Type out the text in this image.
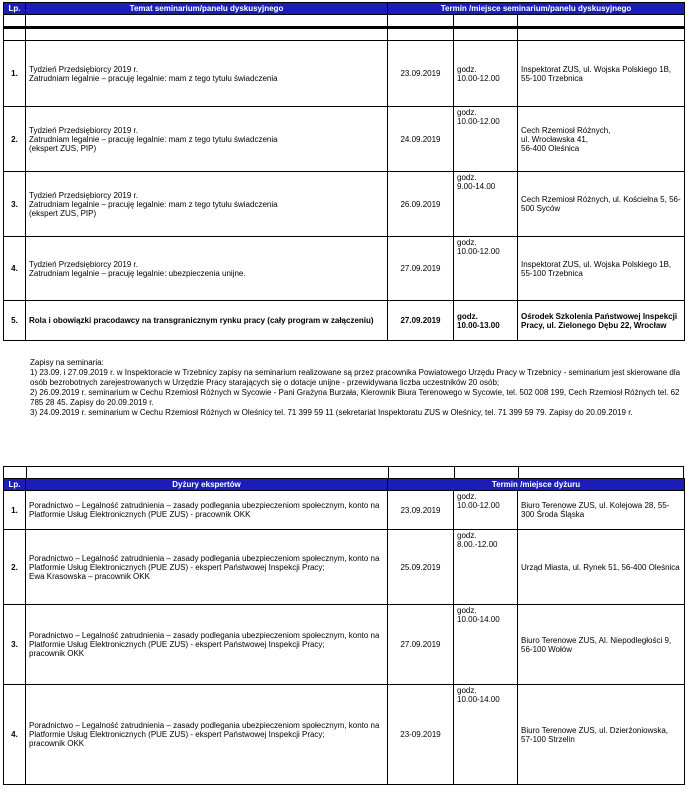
Lp.	Temat seminarium/panelu dyskusyjnego	Termin /miejsce seminarium/panelu dyskusyjnego		

1.	Tydzień Przedsiębiorcy 2019 r.
Zatrudniam legalnie – pracuję legalnie: mam z tego tytułu świadczenia	23.09.2019	godz.
10.00-12.00	Inspektorat ZUS, ul. Wojska Polskiego 1B, 55-100 Trzebnica
2.	Tydzień Przedsiębiorcy 2019 r.
Zatrudniam legalnie – pracuję legalnie: mam z tego tytułu świadczenia
(ekspert ZUS, PIP)	24.09.2019	godz.
10.00-12.00	Cech Rzemiosł Różnych,
ul. Wrocławska 41,
56-400 Oleśnica
3.	Tydzień Przedsiębiorcy 2019 r.
Zatrudniam legalnie – pracuję legalnie: mam z tego tytułu świadczenia
(ekspert ZUS, PIP)	26.09.2019	godz.
9.00-14.00	Cech Rzemiosł Różnych, ul. Kościelna 5, 56-500 Syców
4.	Tydzień Przedsiębiorcy 2019 r.
Zatrudniam legalnie – pracuję legalnie: ubezpieczenia unijne.	27.09.2019	godz.
10.00-12.00	Inspektorat ZUS, ul. Wojska Polskiego 1B, 55-100 Trzebnica
5.	Rola i obowiązki pracodawcy na transgranicznym rynku pracy (cały program w załączeniu)	27.09.2019	godz.
10.00-13.00	Ośrodek Szkolenia Państwowej Inspekcji Pracy, ul. Zielonego Dębu 22, Wrocław
Zapisy na seminaria:
1) 23.09. i 27.09.2019 r. w Inspektoracie w Trzebnicy zapisy na seminarium realizowane są przez pracownika Powiatowego Urzędu Pracy w Trzebnicy - seminarium jest skierowane dla osób bezrobotnych zarejestrowanych w Urzędzie Pracy starających się o dotacje unijne - przewidywana liczba uczestników 20 osób;
2) 26.09.2019 r. seminarium w Cechu Rzemiosł Różnych w Sycowie - Pani Grażyna Burzała, Kierownik Biura Terenowego w Sycowie, tel. 502 008 199, Cech Rzemiosł Różnych tel. 62 785 28 45. Zapisy do 20.09.2019 r.
3) 24.09.2019 r. seminarium w Cechu Rzemiosł Różnych w Oleśnicy tel. 71 399 59 11 (sekretariat Inspektoratu ZUS w Oleśnicy, tel. 71 399 59 79. Zapisy do 20.09.2019 r.
Lp.	Dyżury ekspertów	Termin /miejsce dyżuru		
1.	Poradnictwo – Legalność zatrudnienia – zasady podlegania ubezpieczeniom społecznym, konto na Platformie Usług Elektronicznych (PUE ZUS) - pracownik OKK	23.09.2019	godz.
10.00-12.00	Biuro Terenowe ZUS, ul. Kolejowa 28, 55-300 Środa Śląska
2.	Poradnictwo – Legalność zatrudnienia – zasady podlegania ubezpieczeniom społecznym, konto na Platformie Usług Elektronicznych (PUE ZUS) - ekspert Państwowej Inspekcji Pracy;
Ewa Krasowska – pracownik OKK	25.09.2019	godz.
8.00.-12.00	Urząd Miasta, ul. Rynek 51, 56-400 Oleśnica
3.	Poradnictwo – Legalność zatrudnienia – zasady podlegania ubezpieczeniom społecznym, konto na Platformie Usług Elektronicznych (PUE ZUS) - ekspert Państwowej Inspekcji Pracy;
pracownik OKK	27.09.2019	godz.
10.00-14.00	Biuro Terenowe ZUS, Al. Niepodległości 9, 56-100 Wołów
4.	Poradnictwo – Legalność zatrudnienia – zasady podlegania ubezpieczeniom społecznym, konto na Platformie Usług Elektronicznych (PUE ZUS) - ekspert Państwowej Inspekcji Pracy;
pracownik OKK	23-09.2019	godz.
10.00-14.00	Biuro Terenowe ZUS, ul. Dzierżoniowska, 57-100 Strzelin
